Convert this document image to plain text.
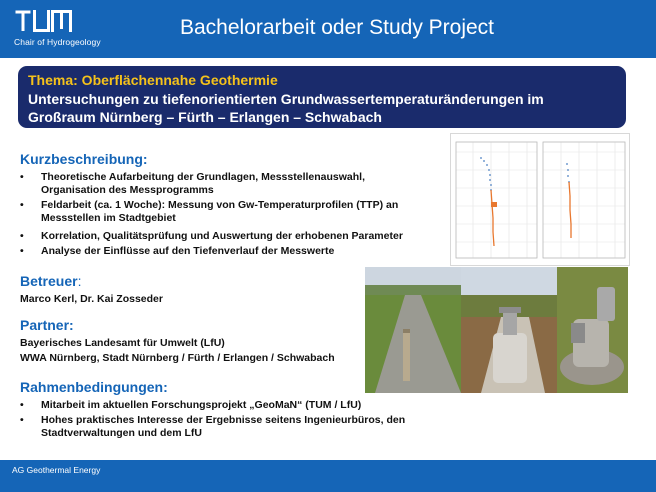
Chair of Hydrogeology
Bachelorarbeit oder Study Project
Thema: Oberflächennahe Geothermie
Untersuchungen zu tiefenorientierten Grundwassertemperaturänderungen im
Großraum Nürnberg – Fürth – Erlangen – Schwabach
Kurzbeschreibung:
• Theoretische Aufarbeitung der Grundlagen, Messstellenauswahl,
Organisation des Messprogramms
• Feldarbeit (ca. 1 Woche): Messung von Gw-Temperaturprofilen (TTP) an
Messstellen im Stadtgebiet
• Korrelation, Qualitätsprüfung und Auswertung der erhobenen Parameter
• Analyse der Einflüsse auf den Tiefenverlauf der Messwerte
Betreuer:
Marco Kerl, Dr. Kai Zosseder
Partner:
Bayerisches Landesamt für Umwelt (LfU)
WWA Nürnberg, Stadt Nürnberg / Fürth / Erlangen / Schwabach
Rahmenbedingungen:
• Mitarbeit im aktuellen Forschungsprojekt „GeoMaN“ (TUM / LfU)
• Hohes praktisches Interesse der Ergebnisse seitens Ingenieurbüros, den
Stadtverwaltungen und dem LfU
AG Geothermal Energy
